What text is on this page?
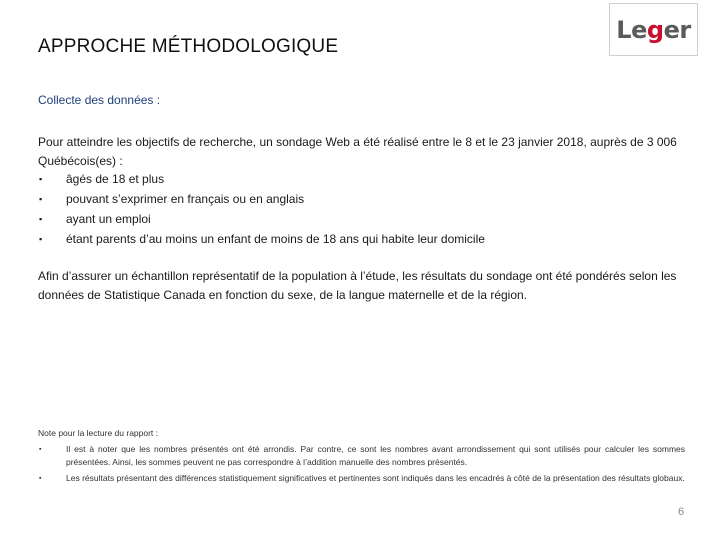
APPROCHE MÉTHODOLOGIQUE
Leger
Collecte des données :
Pour atteindre les objectifs de recherche, un sondage Web a été réalisé entre le 8 et le 23 janvier 2018, auprès de 3 006 Québécois(es) :
▪ âgés de 18 et plus
▪ pouvant s’exprimer en français ou en anglais
▪ ayant un emploi
▪ étant parents d’au moins un enfant de moins de 18 ans qui habite leur domicile
Afin d’assurer un échantillon représentatif de la population à l’étude, les résultats du sondage ont été pondérés selon les données de Statistique Canada en fonction du sexe, de la langue maternelle et de la région.
Note pour la lecture du rapport :
▪	Il est à noter que les nombres présentés ont été arrondis. Par contre, ce sont les nombres avant arrondissement qui sont utilisés pour calculer les sommes présentées. Ainsi, les sommes peuvent ne pas correspondre à l’addition manuelle des nombres présentés.
▪	Les résultats présentant des différences statistiquement significatives et pertinentes sont indiqués dans les encadrés à côté de la présentation des résultats globaux.
6
